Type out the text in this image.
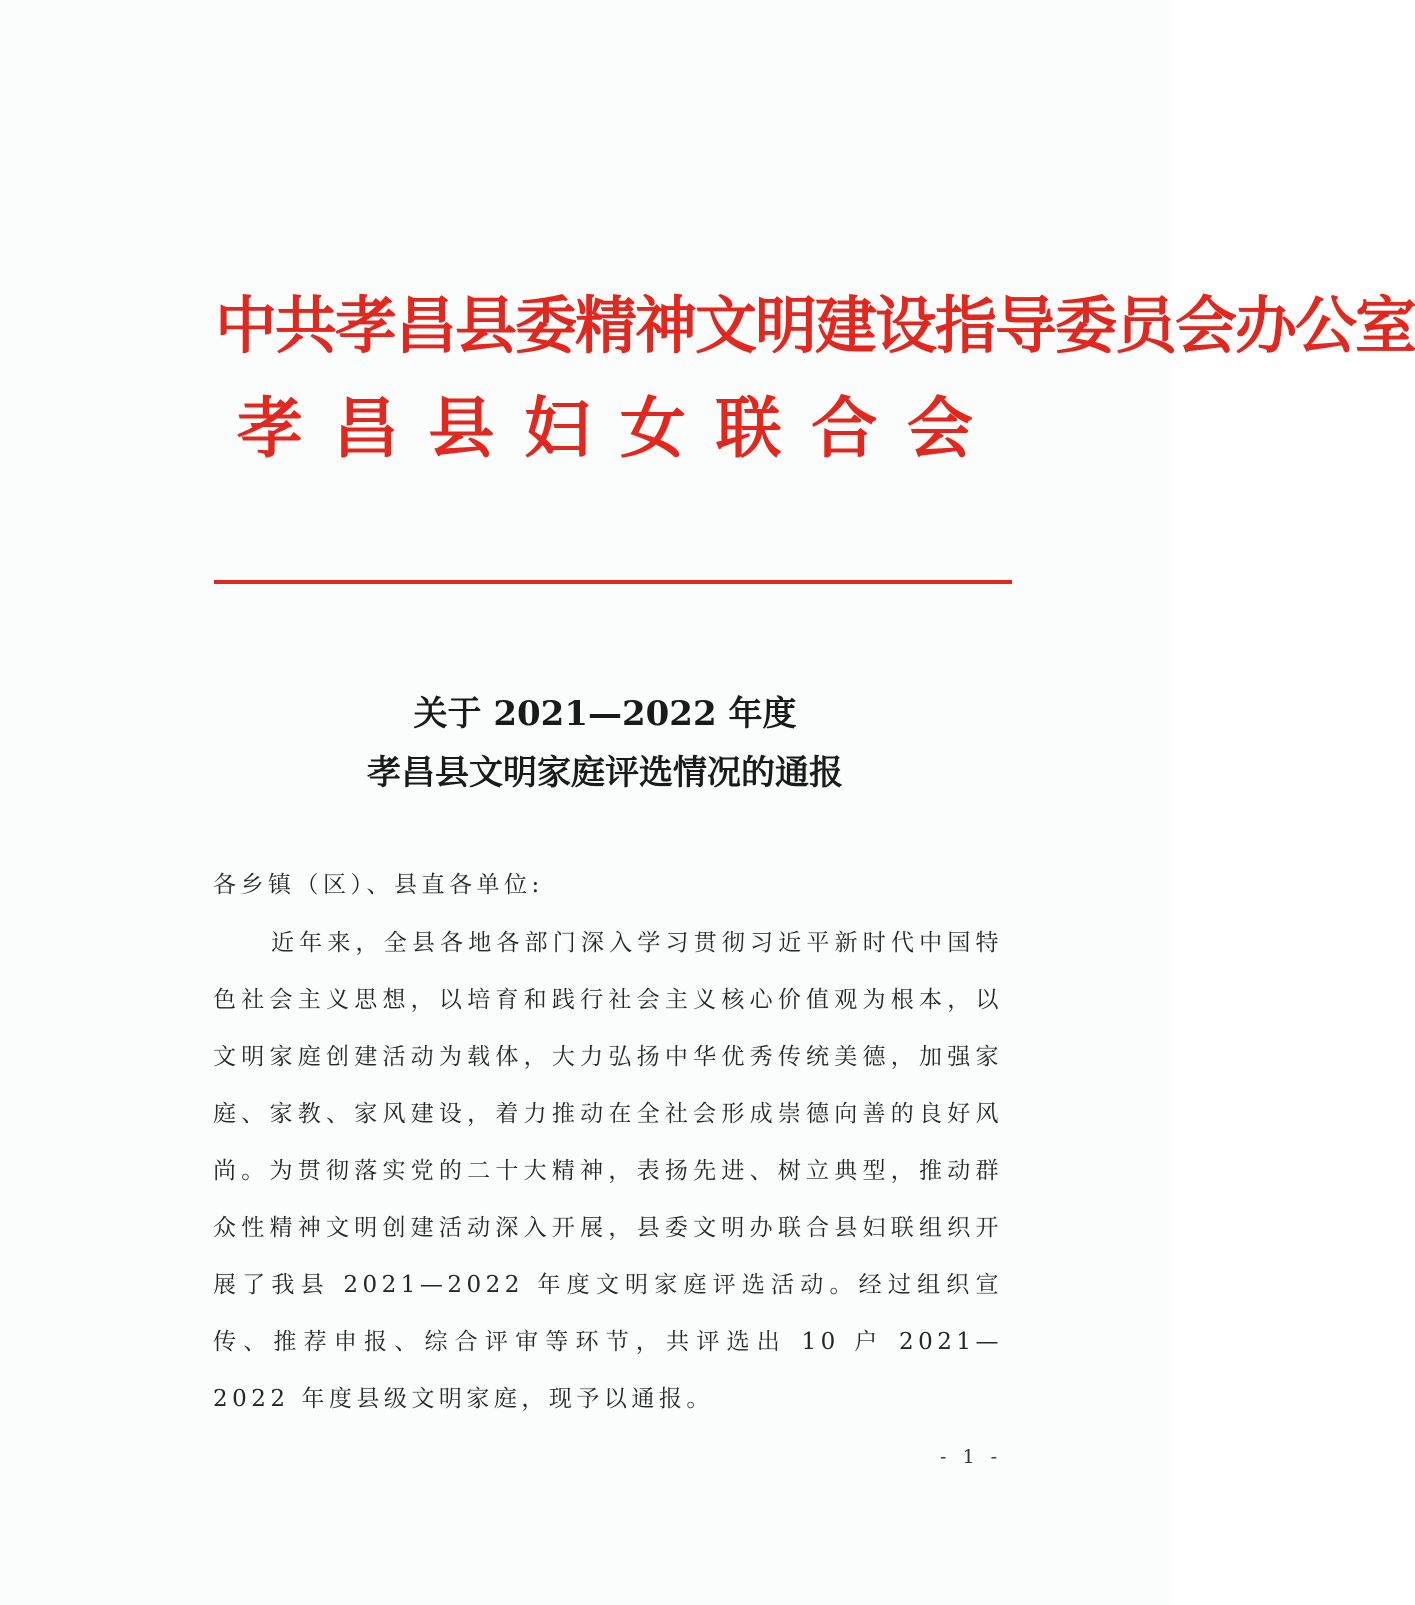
中共孝昌县委精神文明建设指导委员会办公室
孝 昌 县 妇 女 联 合 会
关于 2021—2022 年度
孝昌县文明家庭评选情况的通报
各乡镇（区）、县直各单位:
近年来，全县各地各部门深入学习贯彻习近平新时代中国特色社会主义思想，以培育和践行社会主义核心价值观为根本，以文明家庭创建活动为载体，大力弘扬中华优秀传统美德，加强家庭、家教、家风建设，着力推动在全社会形成崇德向善的良好风尚。为贯彻落实党的二十大精神，表扬先进、树立典型，推动群众性精神文明创建活动深入开展，县委文明办联合县妇联组织开展了我县 2021—2022 年度文明家庭评选活动。经过组织宣传、推荐申报、综合评审等环节，共评选出 10 户 2021—2022 年度县级文明家庭，现予以通报。
- 1 -
